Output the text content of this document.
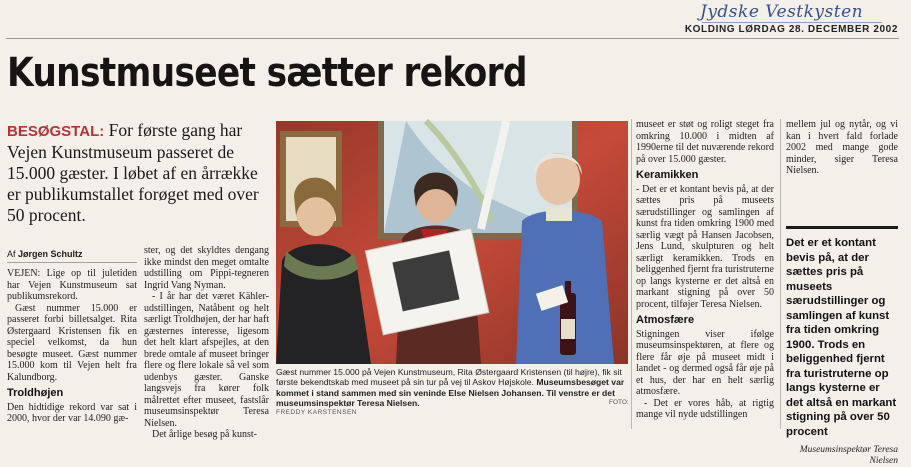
Jydske Vestkysten
KOLDING LØRDAG 28. DECEMBER 2002
Kunstmuseet sætter rekord
BESØGSTAL: For første gang har Vejen Kunstmuseum passeret de 15.000 gæster. I løbet af en årrække er publikumstallet forøget med over 50 procent.
Af Jørgen Schultz

VEJEN: Lige op til juletiden har Vejen Kunstmuseum sat publikumsrekord.

Gæst nummer 15.000 er passeret forbi billetsalget. Rita Østergaard Kristensen fik en speciel velkomst, da hun besøgte museet. Gæst nummer 15.000 kom til Vejen helt fra Kalundborg.

Troldhøjen

Den hidtidige rekord var sat i 2000, hvor der var 14.090 gæ-

ster, og det skyldtes dengang ikke mindst den meget omtalte udstilling om Pippi-tegneren Ingrid Vang Nyman.

- I år har det været Kähler-udstillingen, Natåbent og helt særligt Troldhøjen, der har haft gæsternes interesse, ligesom det helt klart afspejles, at den brede omtale af museet bringer flere og flere lokale så vel som udenbys gæster. Ganske langsvejs fra kører folk målrettet efter museet, fastslår museumsinspektør Teresa Nielsen.

Det årlige besøg på kunst-

Gæst nummer 15.000 på Vejen Kunstmuseum, Rita Østergaard Kristensen (til højre), fik sit første bekendtskab med museet på sin tur på vej til Askov Højskole. Museumsbesøget var kommet i stand sammen med sin veninde Else Nielsen Johansen. Til venstre er det museumsinspektør Teresa Nielsen.	FOTO:
FREDDY KARSTENSEN

museet er støt og roligt steget fra omkring 10.000 i midten af 1990erne til det nuværende rekord på over 15.000 gæster.

Keramikken

- Det er et kontant bevis på, at der sættes pris på museets særudstillinger og samlingen af kunst fra tiden omkring 1900 med særlig vægt på Hansen Jacobsen, Jens Lund, skulpturen og helt særligt keramikken. Trods en beliggenhed fjernt fra turistruterne op langs kysterne er det altså en markant stigning på over 50 procent, tilføjer Teresa Nielsen.

Atmosfære

Stigningen viser ifølge museumsinspektøren, at flere og flere får øje på museet midt i landet - og dermed også får øje på et hus, der har en helt særlig atmosfære.

- Det er vores håb, at rigtig mange vil nyde udstillingen

mellem jul og nytår, og vi kan i hvert fald forlade 2002 med mange gode minder, siger Teresa Nielsen.

Det er et kontant bevis på, at der sættes pris på museets særudstillinger og samlingen af kunst fra tiden omkring 1900. Trods en beliggenhed fjernt fra turistruterne op langs kysterne er det altså en markant stigning på over 50 procent
Museumsinspektør Teresa Nielsen
